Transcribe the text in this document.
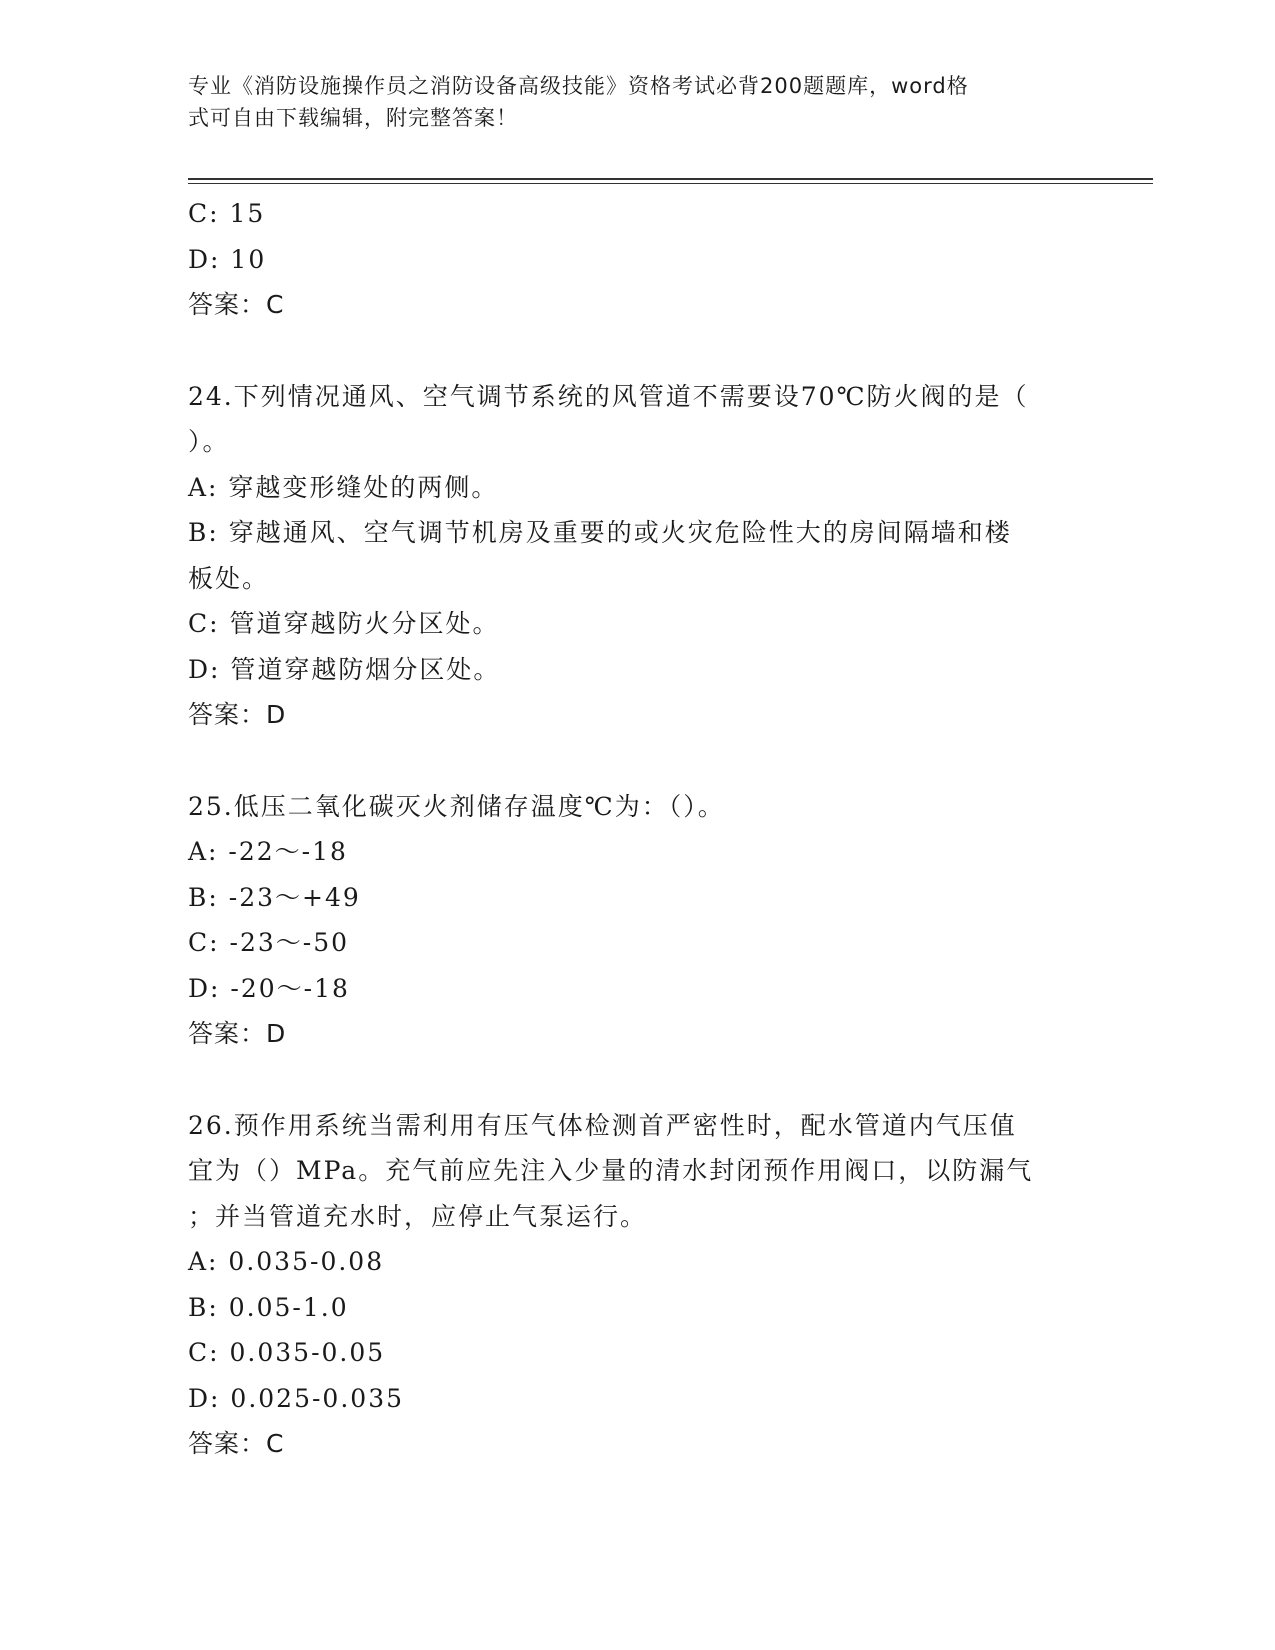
专业《消防设施操作员之消防设备高级技能》资格考试必背200题题库，word格
式可自由下载编辑，附完整答案！
C: 15
D: 10
答案：C
24.下列情况通风、空气调节系统的风管道不需要设70℃防火阀的是（
）。
A: 穿越变形缝处的两侧。
B: 穿越通风、空气调节机房及重要的或火灾危险性大的房间隔墙和楼
板处。
C: 管道穿越防火分区处。
D: 管道穿越防烟分区处。
答案：D
25.低压二氧化碳灭火剂储存温度℃为：（）。
A: -22～-18
B: -23～+49
C: -23～-50
D: -20～-18
答案：D
26.预作用系统当需利用有压气体检测首严密性时，配水管道内气压值
宜为（）MPa。充气前应先注入少量的清水封闭预作用阀口，以防漏气
；并当管道充水时，应停止气泵运行。
A: 0.035-0.08
B: 0.05-1.0
C: 0.035-0.05
D: 0.025-0.035
答案：C
